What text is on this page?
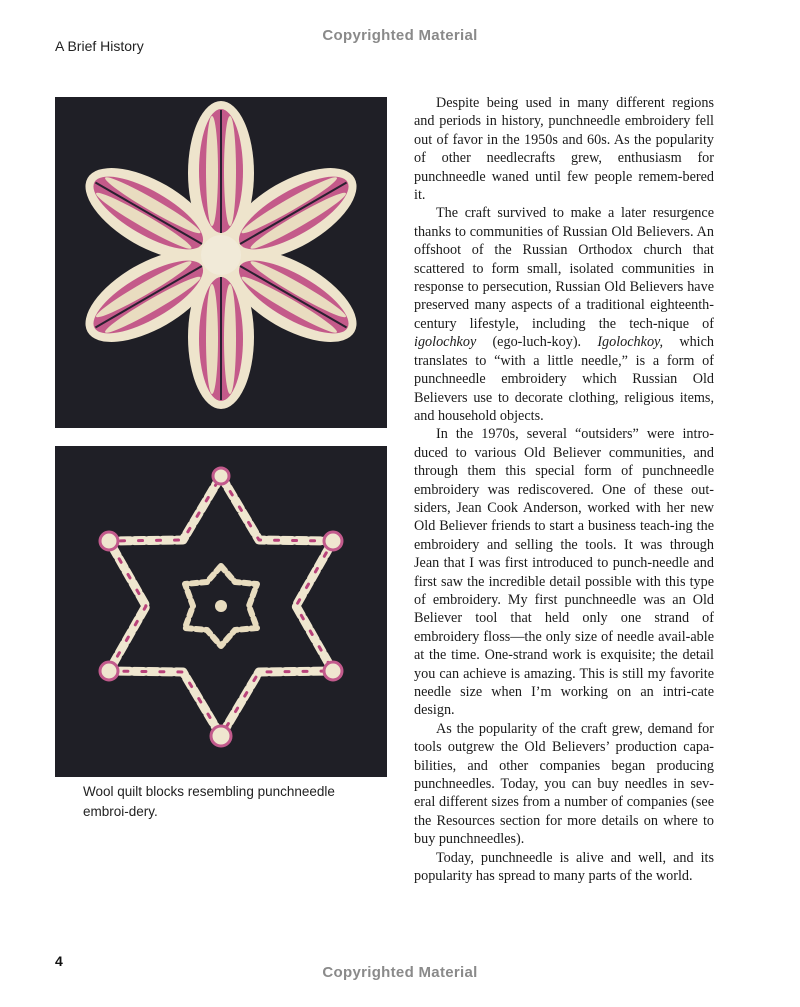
Copyrighted Material
A Brief History
Wool quilt blocks resembling punchneedle embroi-dery.

Despite being used in many different regions and periods in history, punchneedle embroidery fell out of favor in the 1950s and 60s. As the popularity of other needlecrafts grew, enthusiasm for punchneedle waned until few people remem-bered it.

The craft survived to make a later resurgence thanks to communities of Russian Old Believers. An offshoot of the Russian Orthodox church that scattered to form small, isolated communities in response to persecution, Russian Old Believers have preserved many aspects of a traditional eighteenth-century lifestyle, including the tech-nique of igolochkoy (ego-luch-koy). Igolochkoy, which translates to “with a little needle,” is a form of punchneedle embroidery which Russian Old Believers use to decorate clothing, religious items, and household objects.

In the 1970s, several “outsiders” were intro-duced to various Old Believer communities, and through them this special form of punchneedle embroidery was rediscovered. One of these out-siders, Jean Cook Anderson, worked with her new Old Believer friends to start a business teach-ing the embroidery and selling the tools. It was through Jean that I was first introduced to punch-needle and first saw the incredible detail possible with this type of embroidery. My first punchneedle was an Old Believer tool that held only one strand of embroidery floss—the only size of needle avail-able at the time. One-strand work is exquisite; the detail you can achieve is amazing. This is still my favorite needle size when I’m working on an intri-cate design.

As the popularity of the craft grew, demand for tools outgrew the Old Believers’ production capa-bilities, and other companies began producing punchneedles. Today, you can buy needles in sev-eral different sizes from a number of companies (see the Resources section for more details on where to buy punchneedles).

Today, punchneedle is alive and well, and its popularity has spread to many parts of the world.

4
Copyrighted Material
